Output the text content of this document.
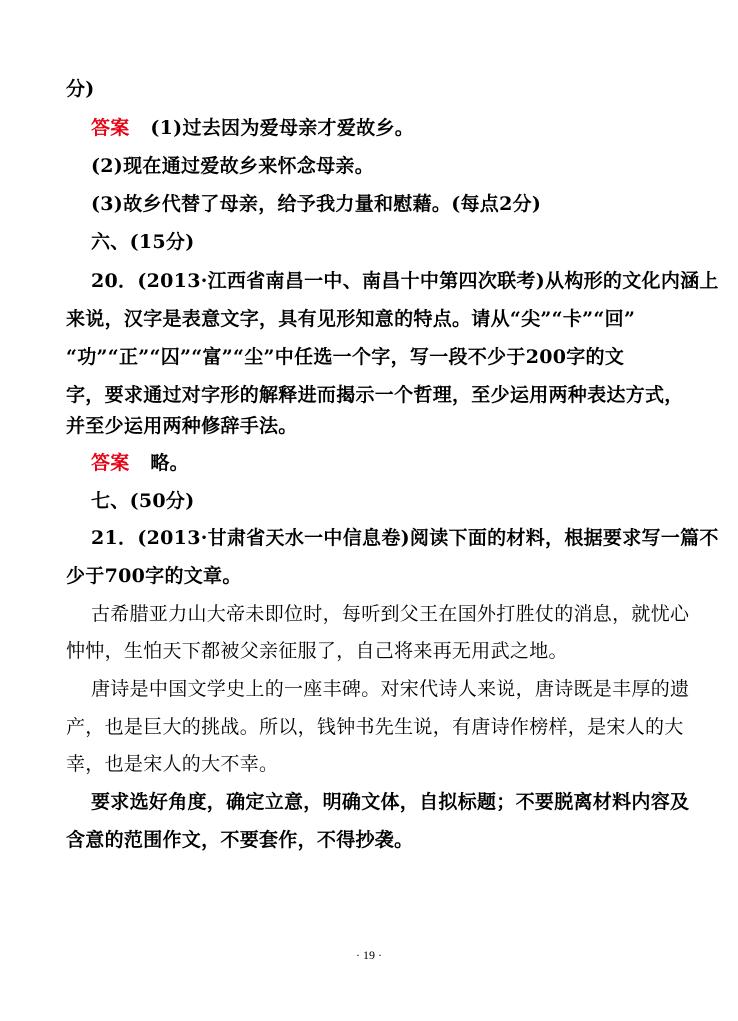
分)
答案 (1)过去因为爱母亲才爱故乡。
(2)现在通过爱故乡来怀念母亲。
(3)故乡代替了母亲，给予我力量和慰藉。(每点2分)
六、(15分)
20．(2013·江西省南昌一中、南昌十中第四次联考)从构形的文化内涵上
来说，汉字是表意文字，具有见形知意的特点。请从“尖”“卡”“回”
“功”“正”“囚”“富”“尘”中任选一个字，写一段不少于200字的文
字，要求通过对字形的解释进而揭示一个哲理，至少运用两种表达方式，
并至少运用两种修辞手法。
答案 略。
七、(50分)
21．(2013·甘肃省天水一中信息卷)阅读下面的材料，根据要求写一篇不
少于700字的文章。
古希腊亚力山大帝未即位时，每听到父王在国外打胜仗的消息，就忧心
忡忡，生怕天下都被父亲征服了，自己将来再无用武之地。
唐诗是中国文学史上的一座丰碑。对宋代诗人来说，唐诗既是丰厚的遗
产，也是巨大的挑战。所以，钱钟书先生说，有唐诗作榜样，是宋人的大
幸，也是宋人的大不幸。
要求选好角度，确定立意，明确文体，自拟标题；不要脱离材料内容及
含意的范围作文，不要套作，不得抄袭。
· 19 ·
